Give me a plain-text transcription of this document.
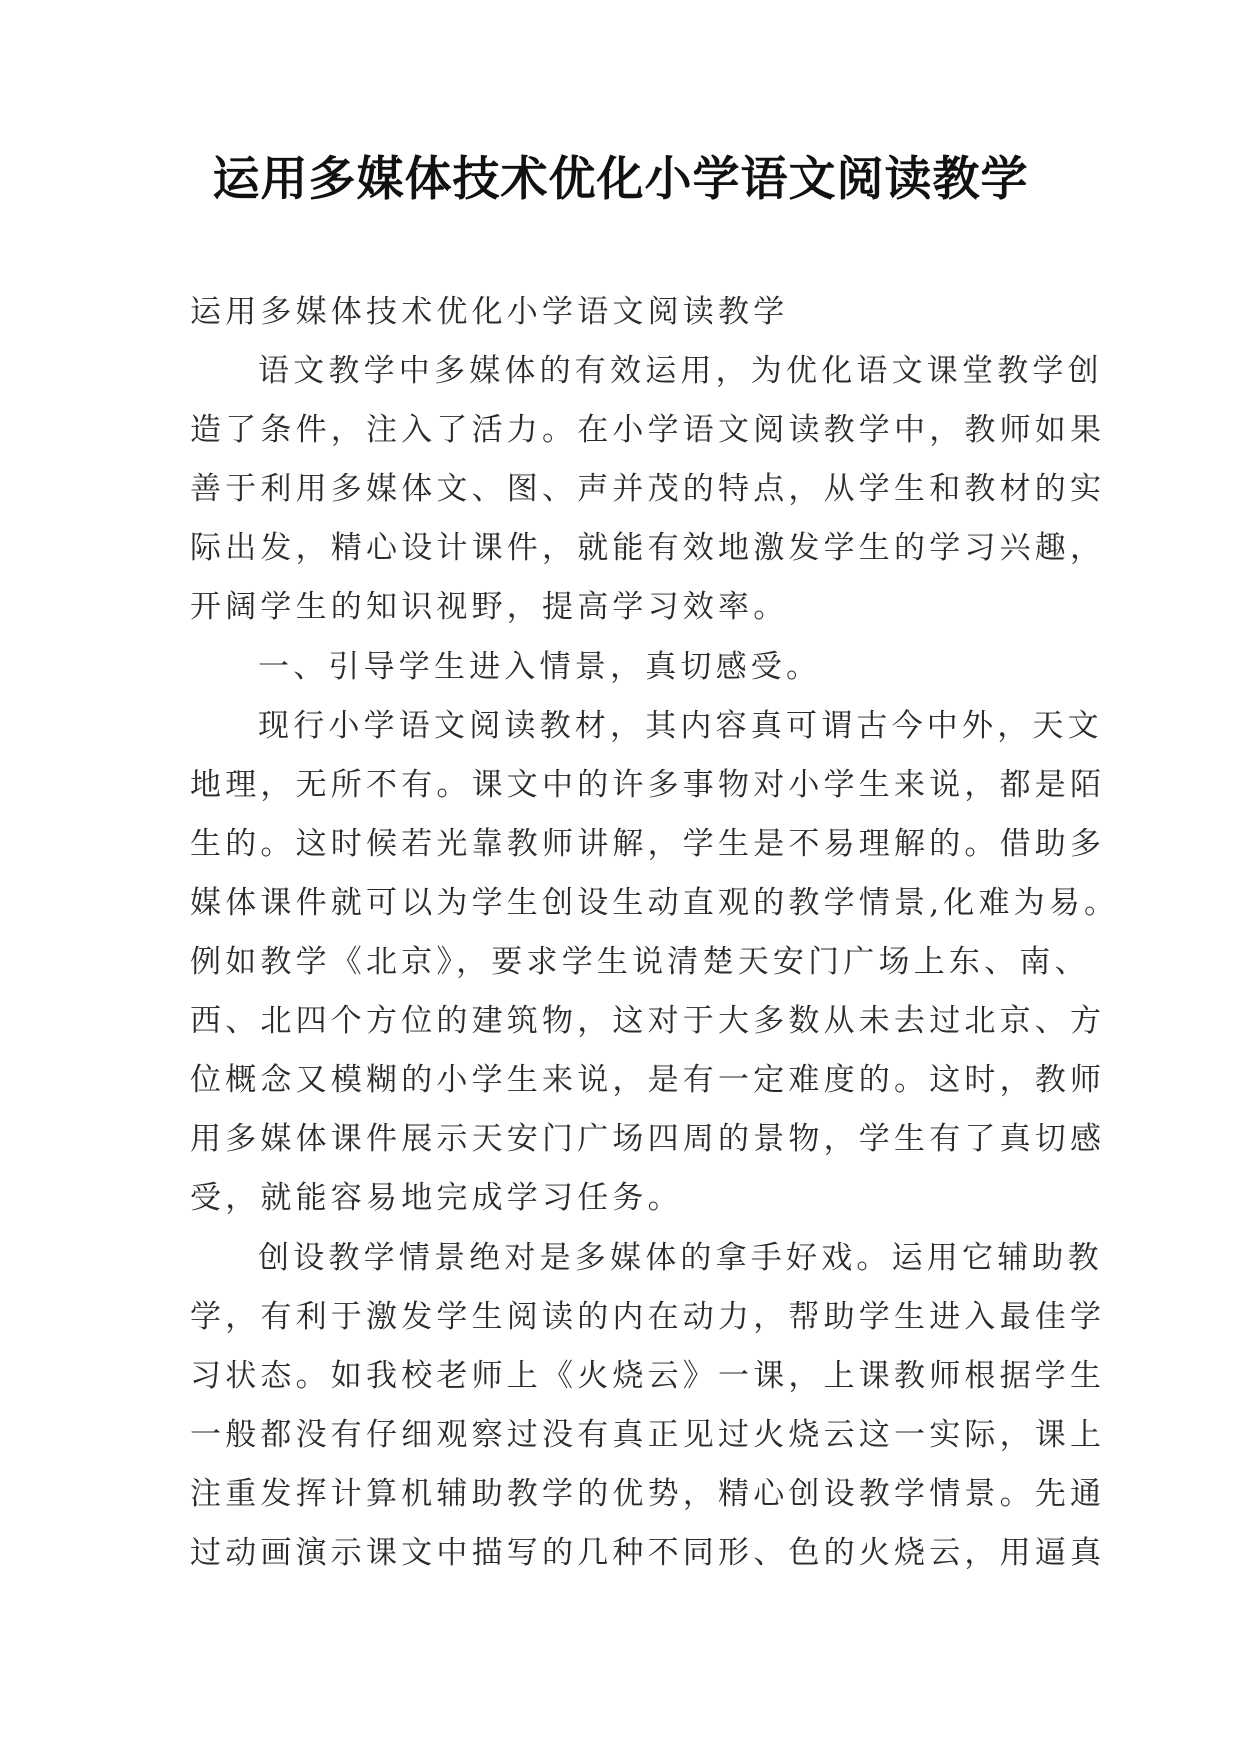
运用多媒体技术优化小学语文阅读教学
运用多媒体技术优化小学语文阅读教学
语文教学中多媒体的有效运用，为优化语文课堂教学创
造了条件，注入了活力。在小学语文阅读教学中，教师如果
善于利用多媒体文、图、声并茂的特点，从学生和教材的实
际出发，精心设计课件，就能有效地激发学生的学习兴趣，
开阔学生的知识视野，提高学习效率。
一、引导学生进入情景，真切感受。
现行小学语文阅读教材，其内容真可谓古今中外，天文
地理，无所不有。课文中的许多事物对小学生来说，都是陌
生的。这时候若光靠教师讲解，学生是不易理解的。借助多
媒体课件就可以为学生创设生动直观的教学情景,化难为易。
例如教学《北京》，要求学生说清楚天安门广场上东、南、
西、北四个方位的建筑物，这对于大多数从未去过北京、方
位概念又模糊的小学生来说，是有一定难度的。这时，教师
用多媒体课件展示天安门广场四周的景物，学生有了真切感
受，就能容易地完成学习任务。
创设教学情景绝对是多媒体的拿手好戏。运用它辅助教
学，有利于激发学生阅读的内在动力，帮助学生进入最佳学
习状态。如我校老师上《火烧云》一课，上课教师根据学生
一般都没有仔细观察过没有真正见过火烧云这一实际，课上
注重发挥计算机辅助教学的优势，精心创设教学情景。先通
过动画演示课文中描写的几种不同形、色的火烧云，用逼真
